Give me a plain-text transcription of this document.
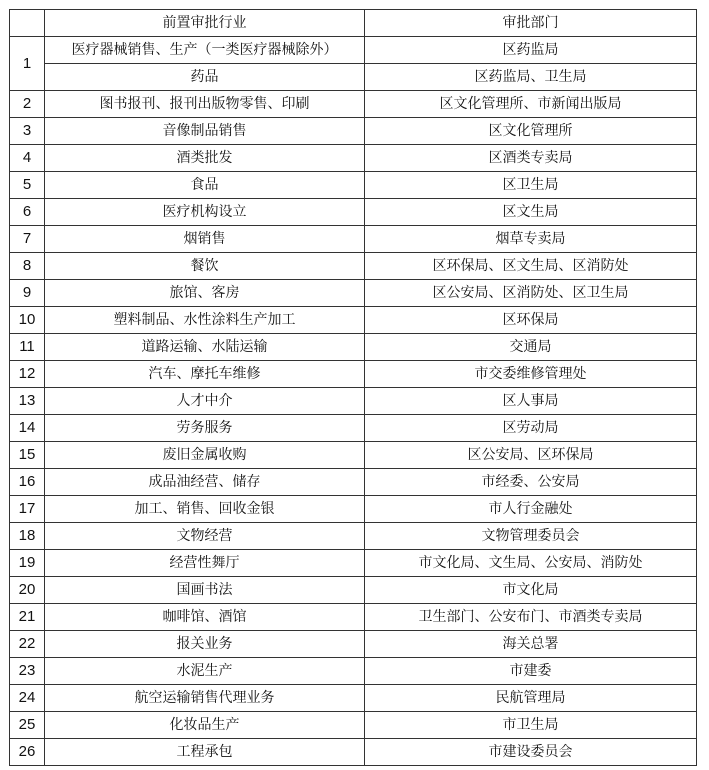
	前置审批行业	审批部门
1	医疗器械销售、生产（一类医疗器械除外）	区药监局
	药品	区药监局、卫生局
2	图书报刊、报刊出版物零售、印刷	区文化管理所、市新闻出版局
3	音像制品销售	区文化管理所
4	酒类批发	区酒类专卖局
5	食品	区卫生局
6	医疗机构设立	区文生局
7	烟销售	烟草专卖局
8	餐饮	区环保局、区文生局、区消防处
9	旅馆、客房	区公安局、区消防处、区卫生局
10	塑料制品、水性涂料生产加工	区环保局
11	道路运输、水陆运输	交通局
12	汽车、摩托车维修	市交委维修管理处
13	人才中介	区人事局
14	劳务服务	区劳动局
15	废旧金属收购	区公安局、区环保局
16	成品油经营、储存	市经委、公安局
17	加工、销售、回收金银	市人行金融处
18	文物经营	文物管理委员会
19	经营性舞厅	市文化局、文生局、公安局、消防处
20	国画书法	市文化局
21	咖啡馆、酒馆	卫生部门、公安布门、市酒类专卖局
22	报关业务	海关总署
23	水泥生产	市建委
24	航空运输销售代理业务	民航管理局
25	化妆品生产	市卫生局
26	工程承包	市建设委员会
